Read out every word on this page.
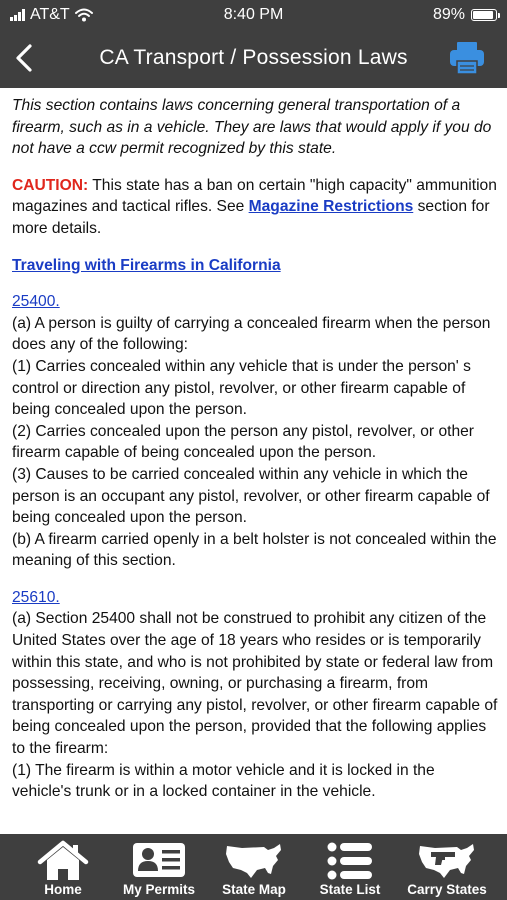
AT&T	8:40 PM	89%
CA Transport / Possession Laws

This section contains laws concerning general transportation of a firearm, such as in a vehicle. They are laws that would apply if you do not have a ccw permit recognized by this state.

CAUTION: This state has a ban on certain "high capacity" ammunition magazines and tactical rifles. See Magazine Restrictions section for more details.

Traveling with Firearms in California

25400.

(a) A person is guilty of carrying a concealed firearm when the person does any of the following:

(1) Carries concealed within any vehicle that is under the person' s control or direction any pistol, revolver, or other firearm capable of being concealed upon the person.

(2) Carries concealed upon the person any pistol, revolver, or other firearm capable of being concealed upon the person.

(3) Causes to be carried concealed within any vehicle in which the person is an occupant any pistol, revolver, or other firearm capable of being concealed upon the person.

(b) A firearm carried openly in a belt holster is not concealed within the meaning of this section.

25610.

(a) Section 25400 shall not be construed to prohibit any citizen of the United States over the age of 18 years who resides or is temporarily within this state, and who is not prohibited by state or federal law from possessing, receiving, owning, or purchasing a firearm, from transporting or carrying any pistol, revolver, or other firearm capable of being concealed upon the person, provided that the following applies to the firearm:

(1) The firearm is within a motor vehicle and it is locked in the vehicle's trunk or in a locked container in the vehicle.

Home	My Permits	State Map	State List	Carry States
